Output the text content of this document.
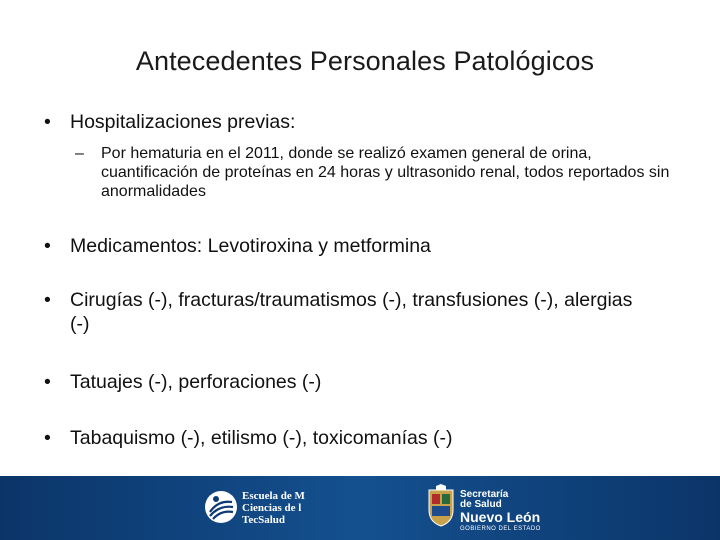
Antecedentes Personales Patológicos
• Hospitalizaciones previas:
–	Por hematuria en el 2011, donde se realizó examen general de orina, cuantificación de proteínas en 24 horas y ultrasonido renal, todos reportados sin anormalidades
• Medicamentos: Levotiroxina y metformina
• Cirugías (-), fracturas/traumatismos (-), transfusiones (-), alergias (-)
• Tatuajes (-), perforaciones (-)
• Tabaquismo (-), etilismo (-), toxicomanías (-)
Escuela de M
Ciencias de l
TecSalud
Secretaría
de Salud
Nuevo León
GOBIERNO DEL ESTADO
